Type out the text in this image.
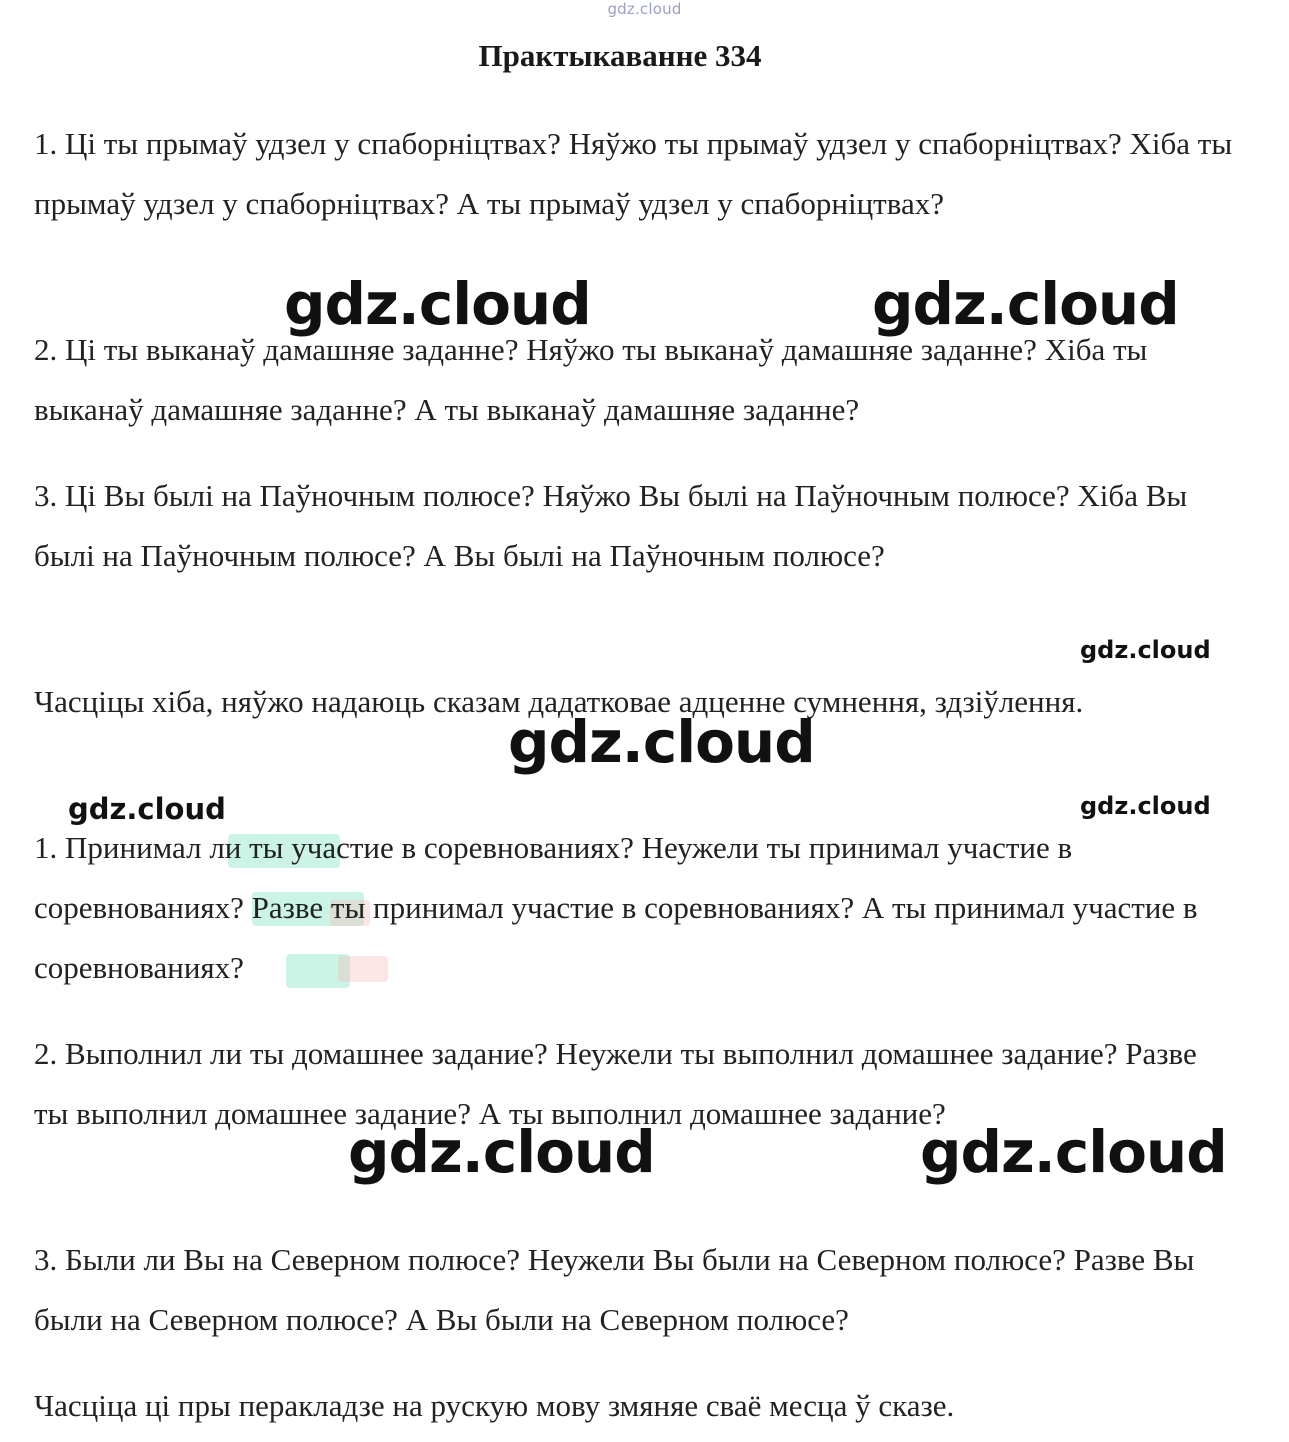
gdz.cloud
Практыкаванне 334

1. Ці ты прымаў удзел у спаборніцтвах? Няўжо ты прымаў удзел у спаборніцтвах? Хіба ты прымаў удзел у спаборніцтвах? А ты прымаў удзел у спаборніцтвах?

2. Ці ты выканаў дамашняе заданне? Няўжо ты выканаў дамашняе заданне? Хіба ты выканаў дамашняе заданне? А ты выканаў дамашняе заданне?

3. Ці Вы былі на Паўночным полюсе? Няўжо Вы былі на Паўночным полюсе? Хіба Вы былі на Паўночным полюсе? А Вы былі на Паўночным полюсе?

Часціцы хіба, няўжо надаюць сказам дадатковае адценне сумнення, здзіўлення.

1. Принимал ли ты участие в соревнованиях? Неужели ты принимал участие в соревнованиях? Разве ты принимал участие в соревнованиях? А ты принимал участие в соревнованиях?

2. Выполнил ли ты домашнее задание? Неужели ты выполнил домашнее задание? Разве ты выполнил домашнее задание? А ты выполнил домашнее задание?

3. Были ли Вы на Северном полюсе? Неужели Вы были на Северном полюсе? Разве Вы были на Северном полюсе? А Вы были на Северном полюсе?

Часціца ці пры перакладзе на рускую мову змяняе сваё месца ў сказе.

gdz.cloud	gdz.cloud
gdz.cloud
gdz.cloud
gdz.cloud	gdz.cloud
gdz.cloud	gdz.cloud
